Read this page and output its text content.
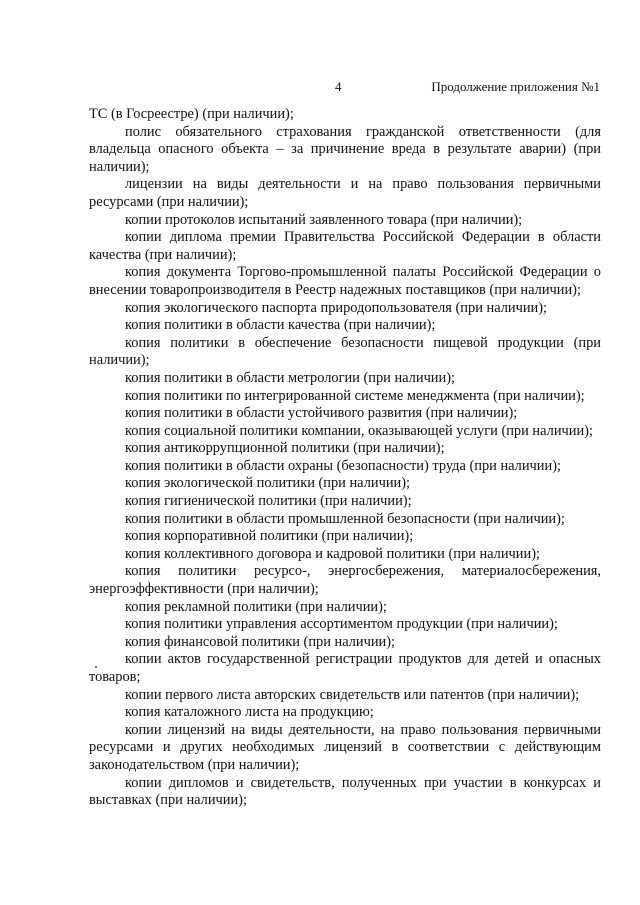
4	Продолжение приложения №1

ТС (в Госреестре) (при наличии);

полис обязательного страхования гражданской ответственности (для владельца опасного объекта – за причинение вреда в результате аварии) (при наличии);

лицензии на виды деятельности и на право пользования первичными ресурсами (при наличии);

копии протоколов испытаний заявленного товара (при наличии);

копии диплома премии Правительства Российской Федерации в области качества (при наличии);

копия документа Торгово-промышленной палаты Российской Федерации о внесении товаропроизводителя в Реестр надежных поставщиков (при наличии);

копия экологического паспорта природопользователя (при наличии);

копия политики в области качества (при наличии);

копия политики в обеспечение безопасности пищевой продукции (при наличии);

копия политики в области метрологии (при наличии);

копия политики по интегрированной системе менеджмента (при наличии);

копия политики в области устойчивого развития (при наличии);

копия социальной политики компании, оказывающей услуги (при наличии);

копия антикоррупционной политики (при наличии);

копия политики в области охраны (безопасности) труда (при наличии);

копия экологической политики (при наличии);

копия гигиенической политики (при наличии);

копия политики в области промышленной безопасности (при наличии);

копия корпоративной политики (при наличии);

копия коллективного договора и кадровой политики (при наличии);

копия политики ресурсо-, энергосбережения, материалосбережения, энергоэффективности (при наличии);

копия рекламной политики (при наличии);

копия политики управления ассортиментом продукции (при наличии);

копия финансовой политики (при наличии);

копии актов государственной регистрации продуктов для детей и опасных товаров;

копии первого листа авторских свидетельств или патентов (при наличии);

копия каталожного листа на продукцию;

копии лицензий на виды деятельности, на право пользования первичными ресурсами и других необходимых лицензий в соответствии с действующим законодательством (при наличии);

копии дипломов и свидетельств, полученных при участии в конкурсах и выставках (при наличии);
